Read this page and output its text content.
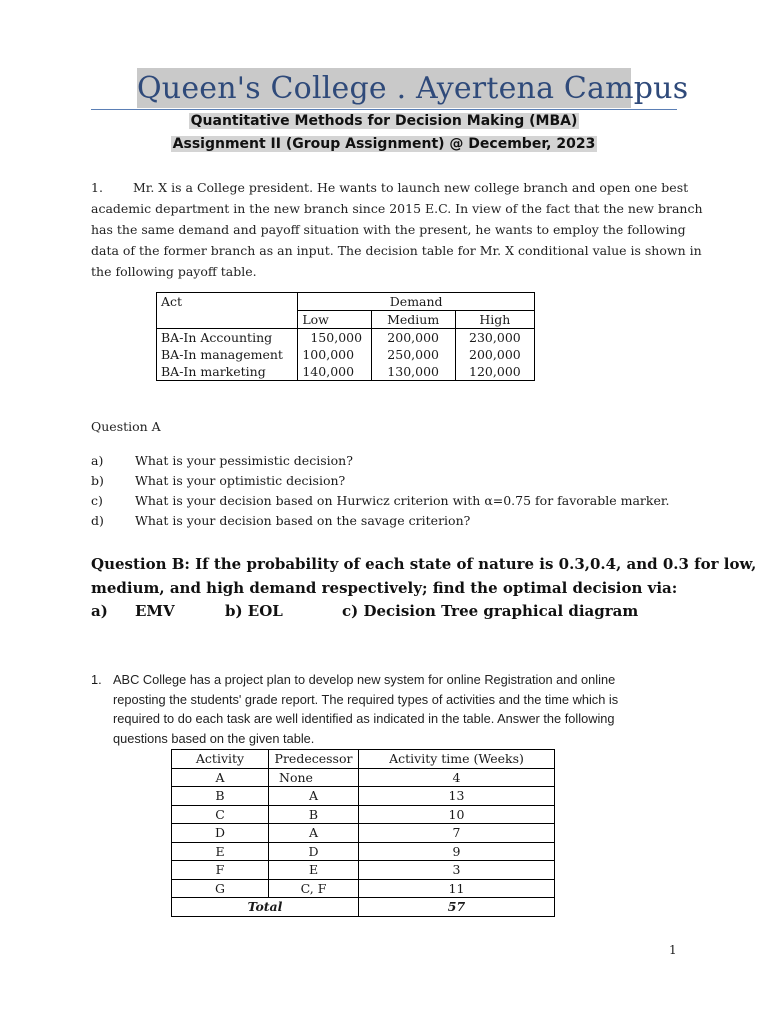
Queen's College . Ayertena Campus
Quantitative Methods for Decision Making (MBA)
Assignment II (Group Assignment) @ December, 2023
1. Mr. X is a College president. He wants to launch new college branch and open one best
academic department in the new branch since 2015 E.C. In view of the fact that the new branch
has the same demand and payoff situation with the present, he wants to employ the following
data of the former branch as an input. The decision table for Mr. X conditional value is shown in
the following payoff table.
Act	Demand		
	Low	Medium	High
BA-In Accounting	150,000	200,000	230,000
BA-In management	100,000	250,000	200,000
BA-In marketing	140,000	130,000	120,000
Question A
a)	What is your pessimistic decision?
b) What is your optimistic decision?
c)	What is your decision based on Hurwicz criterion with α=0.75 for favorable marker.
d) What is your decision based on the savage criterion?
Question B: If the probability of each state of nature is 0.3,0.4, and 0.3 for low,
medium, and high demand respectively; find the optimal decision via:
a) EMV	b) EOL	c) Decision Tree graphical diagram
1. ABC College has a project plan to develop new system for online Registration and online
reposting the students' grade report. The required types of activities and the time which is
required to do each task are well identified as indicated in the table. Answer the following
questions based on the given table.
Activity	Predecessor	Activity time (Weeks)
A	None	4
B	A	13
C	B	10
D	A	7
E	D	9
F	E	3
G	C, F	11
Total		57
1
